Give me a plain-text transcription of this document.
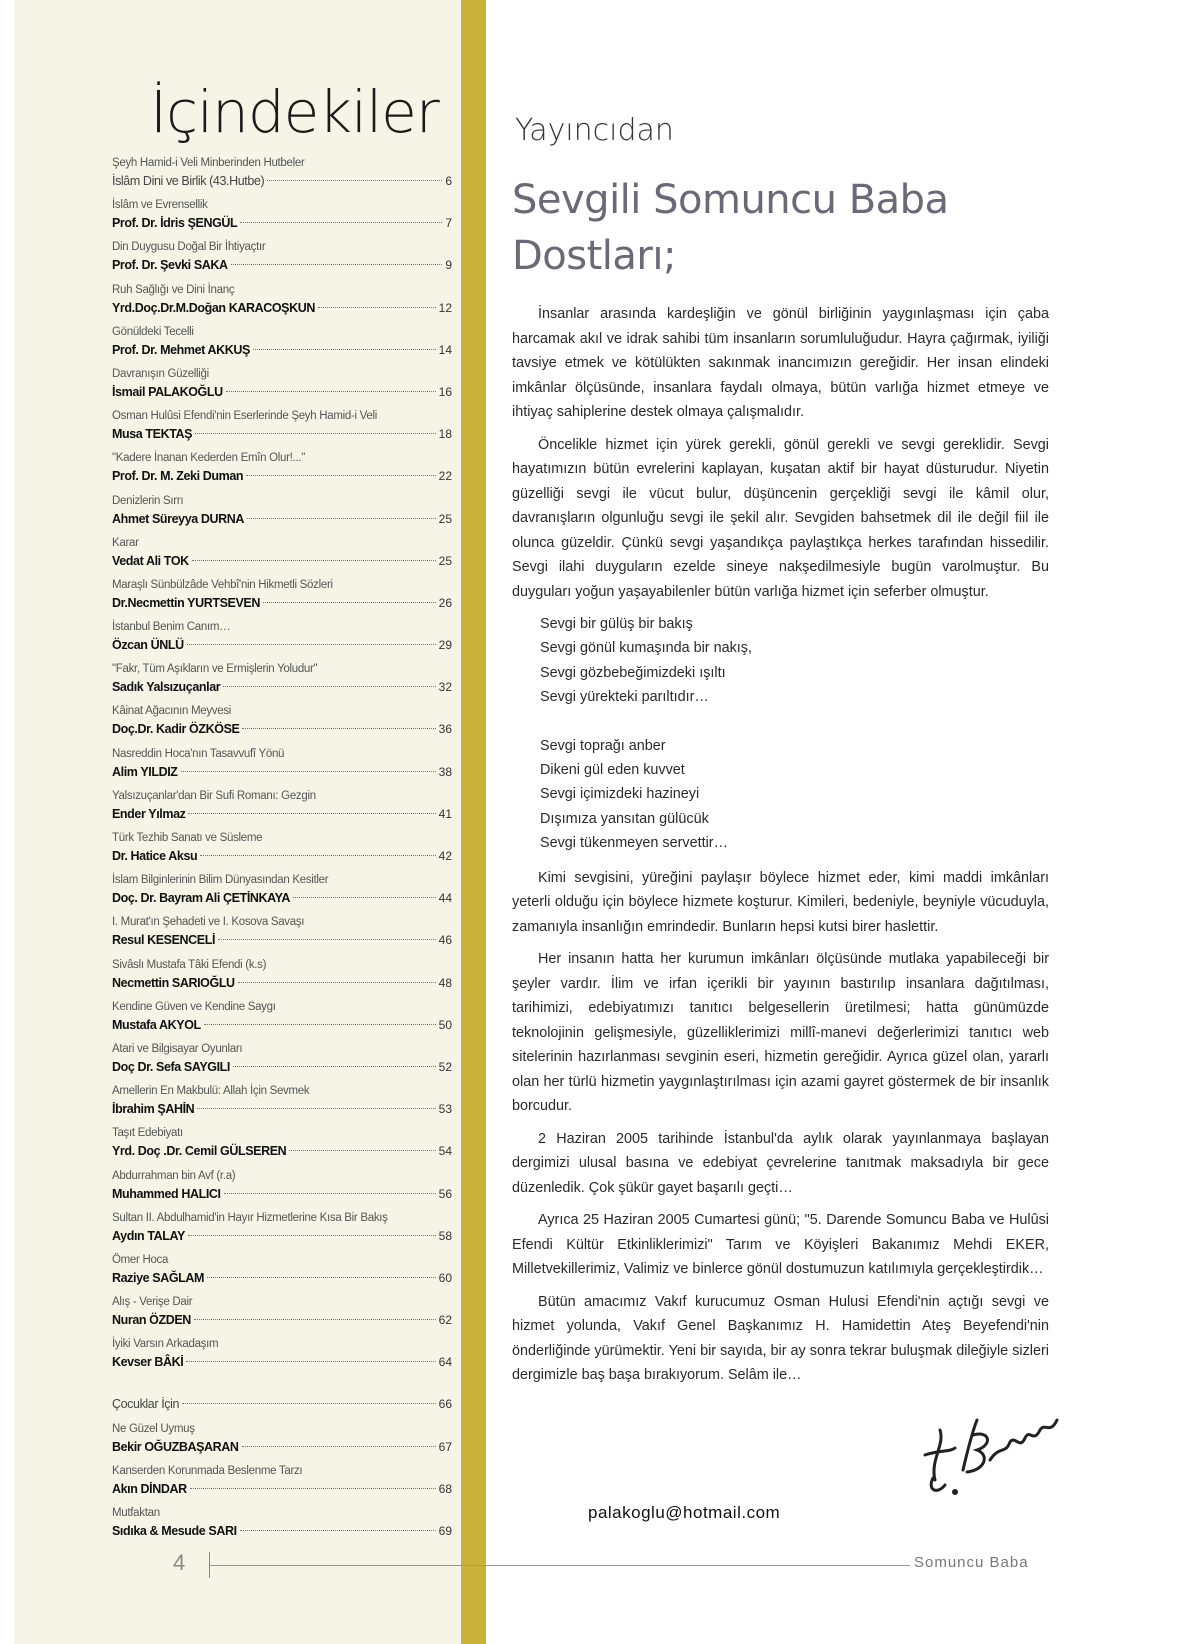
İçindekiler
Şeyh Hamid-i Veli Minberinden Hutbeler
İslâm Dini ve Birlik (43.Hutbe)	6
İslâm ve Evrensellik
Prof. Dr. İdris ŞENGÜL	7
Din Duygusu Doğal Bir İhtiyaçtır
Prof. Dr. Şevki SAKA	9
Ruh Sağlığı ve Dini İnanç
Yrd.Doç.Dr.M.Doğan KARACOŞKUN	12
Gönüldeki Tecelli
Prof. Dr. Mehmet AKKUŞ	14
Davranışın Güzelliği
İsmail PALAKOĞLU	16
Osman Hulûsi Efendi'nin Eserlerinde Şeyh Hamid-i Veli
Musa TEKTAŞ	18
"Kadere İnanan Kederden Emîn Olur!..."
Prof. Dr. M. Zeki Duman	22
Denizlerin Sırrı
Ahmet Süreyya DURNA	25
Karar
Vedat Ali TOK	25
Maraşlı Sünbülzâde Vehbî'nin Hikmetli Sözleri
Dr.Necmettin YURTSEVEN	26
İstanbul Benim Canım…
Özcan ÜNLÜ	29
"Fakr, Tüm Aşıkların ve Ermişlerin Yoludur"
Sadık Yalsızuçanlar	32
Kâinat Ağacının Meyvesi
Doç.Dr. Kadir ÖZKÖSE	36
Nasreddin Hoca'nın Tasavvufî Yönü
Alim YILDIZ	38
Yalsızuçanlar'dan Bir Sufi Romanı: Gezgin
Ender Yılmaz	41
Türk Tezhib Sanatı ve Süsleme
Dr. Hatice Aksu	42
İslam Bilginlerinin Bilim Dünyasından Kesitler
Doç. Dr. Bayram Ali ÇETİNKAYA	44
I. Murat'ın Şehadeti ve I. Kosova Savaşı
Resul KESENCELİ	46
Sivâslı Mustafa Tâki Efendi (k.s)
Necmettin SARIOĞLU	48
Kendine Güven ve Kendine Saygı
Mustafa AKYOL	50
Atari ve Bilgisayar Oyunları
Doç Dr. Sefa SAYGILI	52
Amellerin En Makbulü: Allah İçin Sevmek
İbrahim ŞAHİN	53
Taşıt Edebiyatı
Yrd. Doç .Dr. Cemil GÜLSEREN	54
Abdurrahman bin Avf (r.a)
Muhammed HALICI	56
Sultan II. Abdulhamid'in Hayır Hizmetlerine Kısa Bir Bakış
Aydın TALAY	58
Ömer Hoca
Raziye SAĞLAM	60
Alış - Verişe Dair
Nuran ÖZDEN	62
İyiki Varsın Arkadaşım
Kevser BÂKİ	64
Çocuklar İçin	66
Ne Güzel Uymuş
Bekir OĞUZBAŞARAN	67
Kanserden Korunmada Beslenme Tarzı
Akın DİNDAR	68
Mutfaktan
Sıdıka & Mesude SARI	69
4	Somuncu Baba
Yayıncıdan
Sevgili Somuncu Baba
Dostları;

İnsanlar arasında kardeşliğin ve gönül birliğinin yaygınlaşması için çaba harcamak akıl ve idrak sahibi tüm insanların sorumluluğudur. Hayra çağırmak, iyiliği tavsiye etmek ve kötülükten sakınmak inancımızın gereğidir. Her insan elindeki imkânlar ölçüsünde, insanlara faydalı olmaya, bütün varlığa hizmet etmeye ve ihtiyaç sahiplerine destek olmaya çalışmalıdır.

Öncelikle hizmet için yürek gerekli, gönül gerekli ve sevgi gereklidir. Sevgi hayatımızın bütün evrelerini kaplayan, kuşatan aktif bir hayat düsturudur. Niyetin güzelliği sevgi ile vücut bulur, düşüncenin gerçekliği sevgi ile kâmil olur, davranışların olgunluğu sevgi ile şekil alır. Sevgiden bahsetmek dil ile değil fiil ile olunca güzeldir. Çünkü sevgi yaşandıkça paylaştıkça herkes tarafından hissedilir. Sevgi ilahi duyguların ezelde sineye nakşedilmesiyle bugün varolmuştur. Bu duyguları yoğun yaşayabilenler bütün varlığa hizmet için seferber olmuştur.

Sevgi bir gülüş bir bakış
Sevgi gönül kumaşında bir nakış,
Sevgi gözbebeğimizdeki ışıltı
Sevgi yürekteki parıltıdır…
Sevgi toprağı anber
Dikeni gül eden kuvvet
Sevgi içimizdeki hazineyi
Dışımıza yansıtan gülücük
Sevgi tükenmeyen servettir…

Kimi sevgisini, yüreğini paylaşır böylece hizmet eder, kimi maddi imkânları yeterli olduğu için böylece hizmete koşturur. Kimileri, bedeniyle, beyniyle vücuduyla, zamanıyla insanlığın emrindedir. Bunların hepsi kutsi birer haslettir.

Her insanın hatta her kurumun imkânları ölçüsünde mutlaka yapabileceği bir şeyler vardır. İlim ve irfan içerikli bir yayının bastırılıp insanlara dağıtılması, tarihimizi, edebiyatımızı tanıtıcı belgesellerin üretilmesi; hatta günümüzde teknolojinin gelişmesiyle, güzelliklerimizi millî-manevi değerlerimizi tanıtıcı web sitelerinin hazırlanması sevginin eseri, hizmetin gereğidir. Ayrıca güzel olan, yararlı olan her türlü hizmetin yaygınlaştırılması için azami gayret göstermek de bir insanlık borcudur.

2 Haziran 2005 tarihinde İstanbul'da aylık olarak yayınlanmaya başlayan dergimizi ulusal basına ve edebiyat çevrelerine tanıtmak maksadıyla bir gece düzenledik. Çok şükür gayet başarılı geçti…

Ayrıca 25 Haziran 2005 Cumartesi günü; "5. Darende Somuncu Baba ve Hulûsi Efendi Kültür Etkinliklerimizi" Tarım ve Köyişleri Bakanımız Mehdi EKER, Milletvekillerimiz, Valimiz ve binlerce gönül dostumuzun katılımıyla gerçekleştirdik…

Bütün amacımız Vakıf kurucumuz Osman Hulusi Efendi'nin açtığı sevgi ve hizmet yolunda, Vakıf Genel Başkanımız H. Hamidettin Ateş Beyefendi'nin önderliğinde yürümektir. Yeni bir sayıda, bir ay sonra tekrar buluşmak dileğiyle sizleri dergimizle baş başa bırakıyorum. Selâm ile…

palakoglu@hotmail.com
